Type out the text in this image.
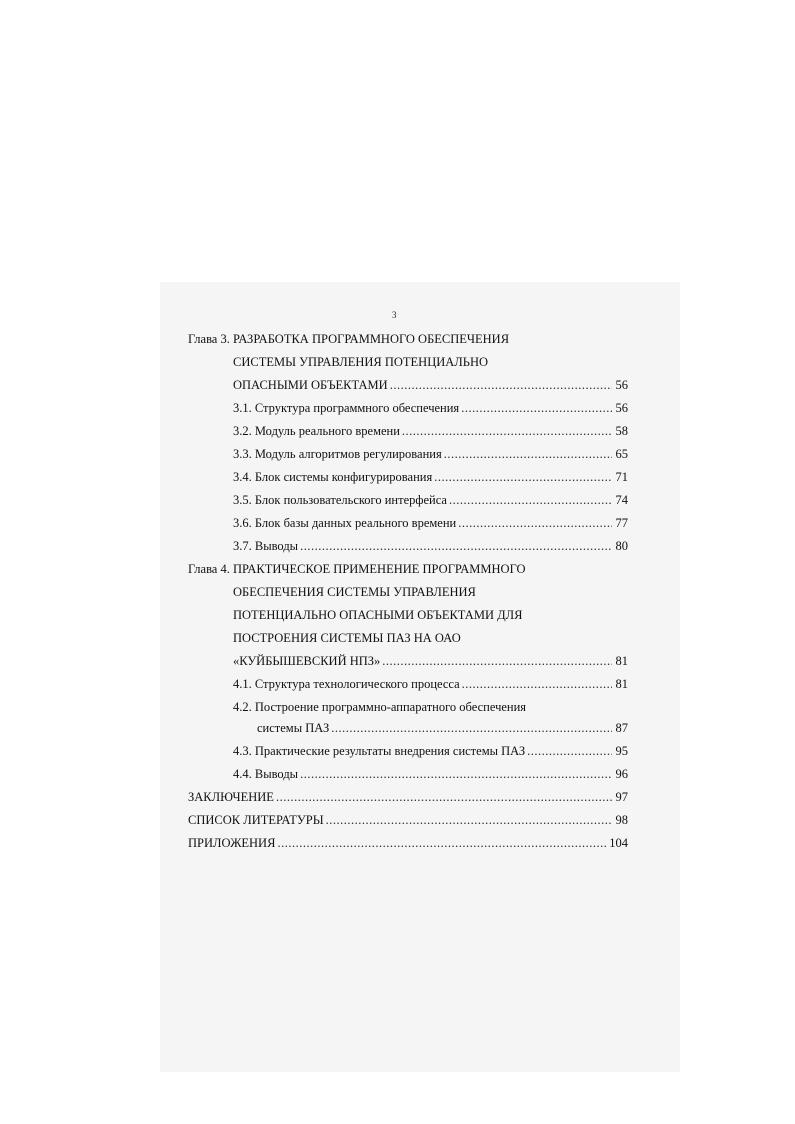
3
Глава 3. РАЗРАБОТКА ПРОГРАММНОГО ОБЕСПЕЧЕНИЯ
СИСТЕМЫ УПРАВЛЕНИЯ ПОТЕНЦИАЛЬНО
ОПАСНЫМИ ОБЪЕКТАМИ .....	56
3.1. Структура программного обеспечения .....	56
3.2. Модуль реального времени .....	58
3.3. Модуль алгоритмов регулирования .....	65
3.4. Блок системы конфигурирования .....	71
3.5. Блок пользовательского интерфейса .....	74
3.6. Блок базы данных реального времени .....	77
3.7. Выводы .....	80
Глава 4. ПРАКТИЧЕСКОЕ ПРИМЕНЕНИЕ ПРОГРАММНОГО
ОБЕСПЕЧЕНИЯ СИСТЕМЫ УПРАВЛЕНИЯ
ПОТЕНЦИАЛЬНО ОПАСНЫМИ ОБЪЕКТАМИ ДЛЯ
ПОСТРОЕНИЯ СИСТЕМЫ ПАЗ НА ОАО
«КУЙБЫШЕВСКИЙ НПЗ» .....	81
4.1. Структура технологического процесса .....	81
4.2. Построение программно-аппаратного обеспечения
системы ПАЗ .....	87
4.3. Практические результаты внедрения системы ПАЗ .....	95
4.4. Выводы .....	96
ЗАКЛЮЧЕНИЕ .....	97
СПИСОК ЛИТЕРАТУРЫ .....	98
ПРИЛОЖЕНИЯ .....	104
